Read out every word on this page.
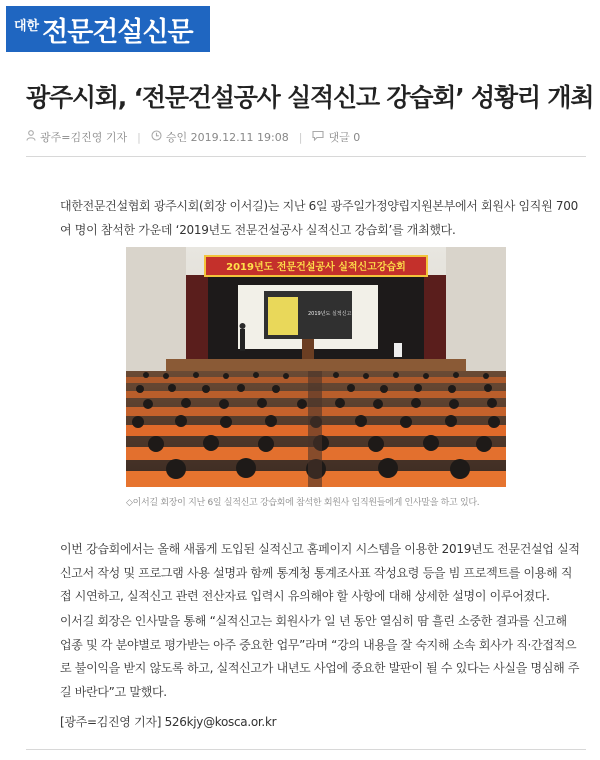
대한 전문건설신문
광주시회, ‘전문건설공사 실적신고 강습회’ 성황리 개최
광주=김진영 기자 | 승인 2019.12.11 19:08 | 댓글 0

대한전문건설협회 광주시회(회장 이서길)는 지난 6일 광주일가정양립지원본부에서 회원사 임직원 700여 명이 참석한 가운데 ‘2019년도 전문건설공사 실적신고 강습회’를 개최했다.

2019년도 전문건설공사 실적신고강습회
2019년도 실적신고
◇이서길 회장이 지난 6일 실적신고 강습회에 참석한 회원사 임직원들에게 인사말을 하고 있다.

이번 강습회에서는 올해 새롭게 도입된 실적신고 홈페이지 시스템을 이용한 2019년도 전문건설업 실적신고서 작성 및 프로그램 사용 설명과 함께 통계청 통계조사표 작성요령 등을 빔 프로젝트를 이용해 직접 시연하고, 실적신고 관련 전산자료 입력시 유의해야 할 사항에 대해 상세한 설명이 이루어졌다.

이서길 회장은 인사말을 통해 “실적신고는 회원사가 일 년 동안 열심히 땀 흘린 소중한 결과를 신고해 업종 및 각 분야별로 평가받는 아주 중요한 업무”라며 “강의 내용을 잘 숙지해 소속 회사가 직·간접적으로 불이익을 받지 않도록 하고, 실적신고가 내년도 사업에 중요한 발판이 될 수 있다는 사실을 명심해 주길 바란다”고 말했다.

[광주=김진영 기자] 526kjy@kosca.or.kr
